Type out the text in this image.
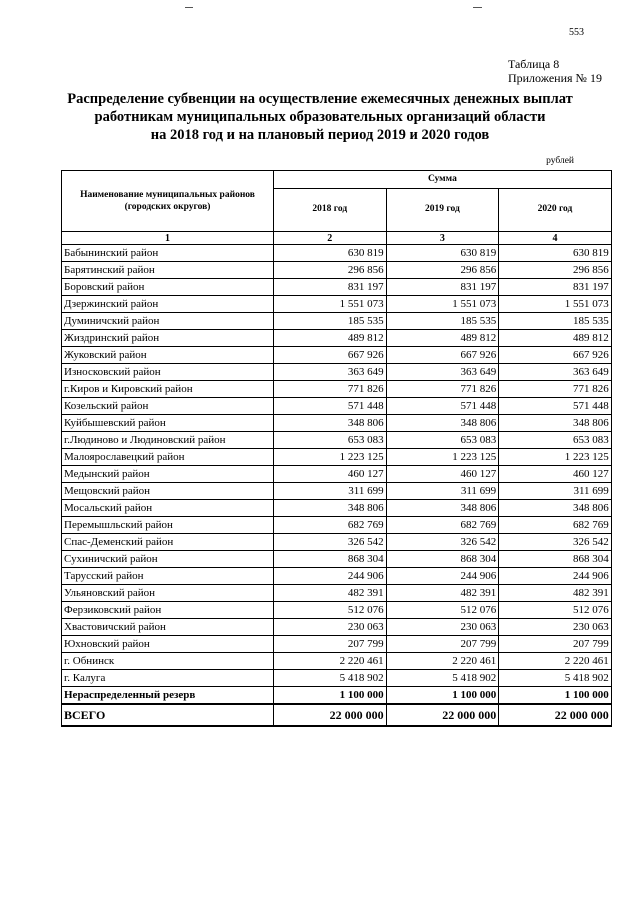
553
Таблица 8
Приложения № 19
Распределение субвенции на осуществление ежемесячных денежных выплат
работникам муниципальных образовательных организаций области
на 2018 год и на плановый период 2019 и 2020 годов
рублей
Наименование муниципальных районов (городских округов)	Сумма		
	2018 год	2019 год	2020 год
1	2	3	4
Бабынинский район	630 819	630 819	630 819
Барятинский район	296 856	296 856	296 856
Боровский район	831 197	831 197	831 197
Дзержинский район	1 551 073	1 551 073	1 551 073
Думиничский район	185 535	185 535	185 535
Жиздринский район	489 812	489 812	489 812
Жуковский район	667 926	667 926	667 926
Износковский район	363 649	363 649	363 649
г.Киров и Кировский район	771 826	771 826	771 826
Козельский район	571 448	571 448	571 448
Куйбышевский район	348 806	348 806	348 806
г.Людиново и Людиновский район	653 083	653 083	653 083
Малоярославецкий район	1 223 125	1 223 125	1 223 125
Медынский район	460 127	460 127	460 127
Мещовский район	311 699	311 699	311 699
Мосальский район	348 806	348 806	348 806
Перемышльский район	682 769	682 769	682 769
Спас-Деменский район	326 542	326 542	326 542
Сухиничский район	868 304	868 304	868 304
Тарусский район	244 906	244 906	244 906
Ульяновский район	482 391	482 391	482 391
Ферзиковский район	512 076	512 076	512 076
Хвастовичский район	230 063	230 063	230 063
Юхновский район	207 799	207 799	207 799
г. Обнинск	2 220 461	2 220 461	2 220 461
г. Калуга	5 418 902	5 418 902	5 418 902
Нераспределенный резерв	1 100 000	1 100 000	1 100 000
ВСЕГО	22 000 000	22 000 000	22 000 000
